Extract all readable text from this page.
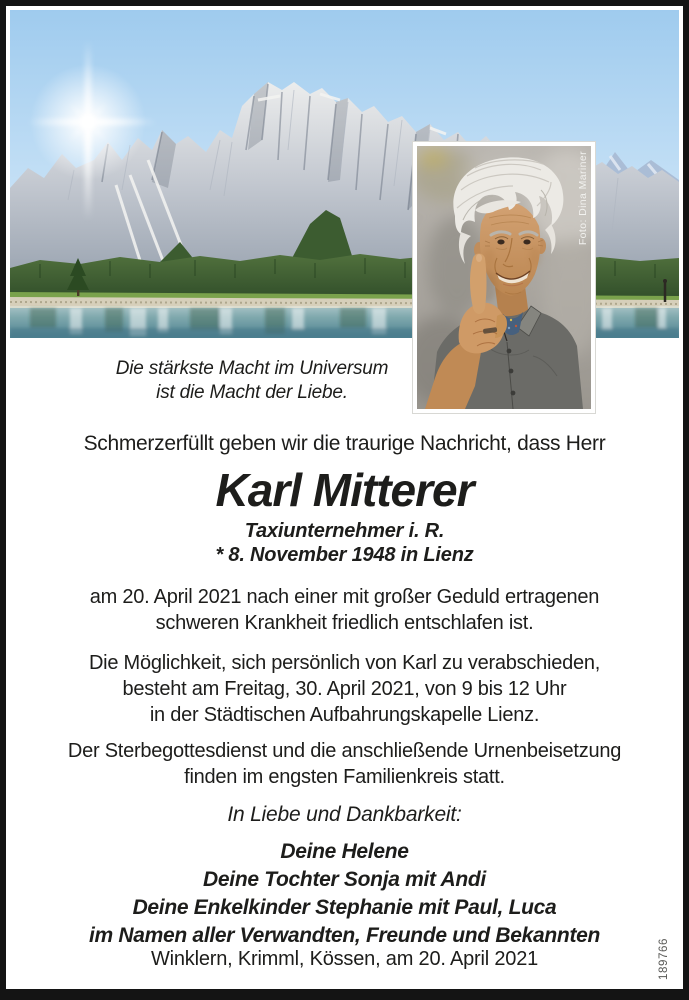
Foto: Dina Mariner
Die stärkste Macht im Universum
ist die Macht der Liebe.
Schmerzerfüllt geben wir die traurige Nachricht, dass Herr
Karl Mitterer
Taxiunternehmer i. R.
* 8. November 1948 in Lienz
am 20. April 2021 nach einer mit großer Geduld ertragenen
schweren Krankheit friedlich entschlafen ist.
Die Möglichkeit, sich persönlich von Karl zu verabschieden,
besteht am Freitag, 30. April 2021, von 9 bis 12 Uhr
in der Städtischen Aufbahrungskapelle Lienz.
Der Sterbegottesdienst und die anschließende Urnenbeisetzung
finden im engsten Familienkreis statt.
In Liebe und Dankbarkeit:
Deine Helene
Deine Tochter Sonja mit Andi
Deine Enkelkinder Stephanie mit Paul, Luca
im Namen aller Verwandten, Freunde und Bekannten
Winklern, Krimml, Kössen, am 20. April 2021	189766
